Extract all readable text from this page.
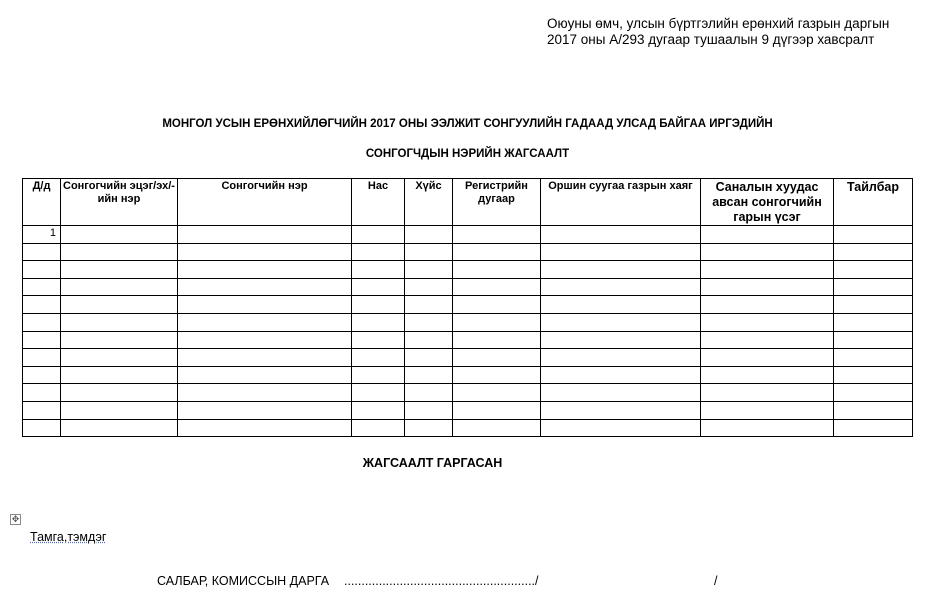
Оюуны өмч, улсын бүртгэлийн ерөнхий газрын даргын
2017 оны А/293 дугаар тушаалын 9 дүгээр хавсралт
МОНГОЛ УСЫН ЕРӨНХИЙЛӨГЧИЙН 2017 ОНЫ ЭЭЛЖИТ СОНГУУЛИЙН ГАДААД УЛСАД БАЙГАА ИРГЭДИЙН
СОНГОГЧДЫН НЭРИЙН ЖАГСААЛТ
Д/д	Сонгогчийн эцэг/эх/-ийн нэр	Сонгогчийн нэр	Нас	Хүйс	Регистрийн дугаар	Оршин суугаа газрын хаяг	Саналын хуудас авсан сонгогчийн гарын үсэг	Тайлбар
1								

ЖАГСААЛТ ГАРГАСАН
✥
Тамга,тэмдэг
САЛБАР, КОМИССЫН ДАРГА ......................................................./	/
